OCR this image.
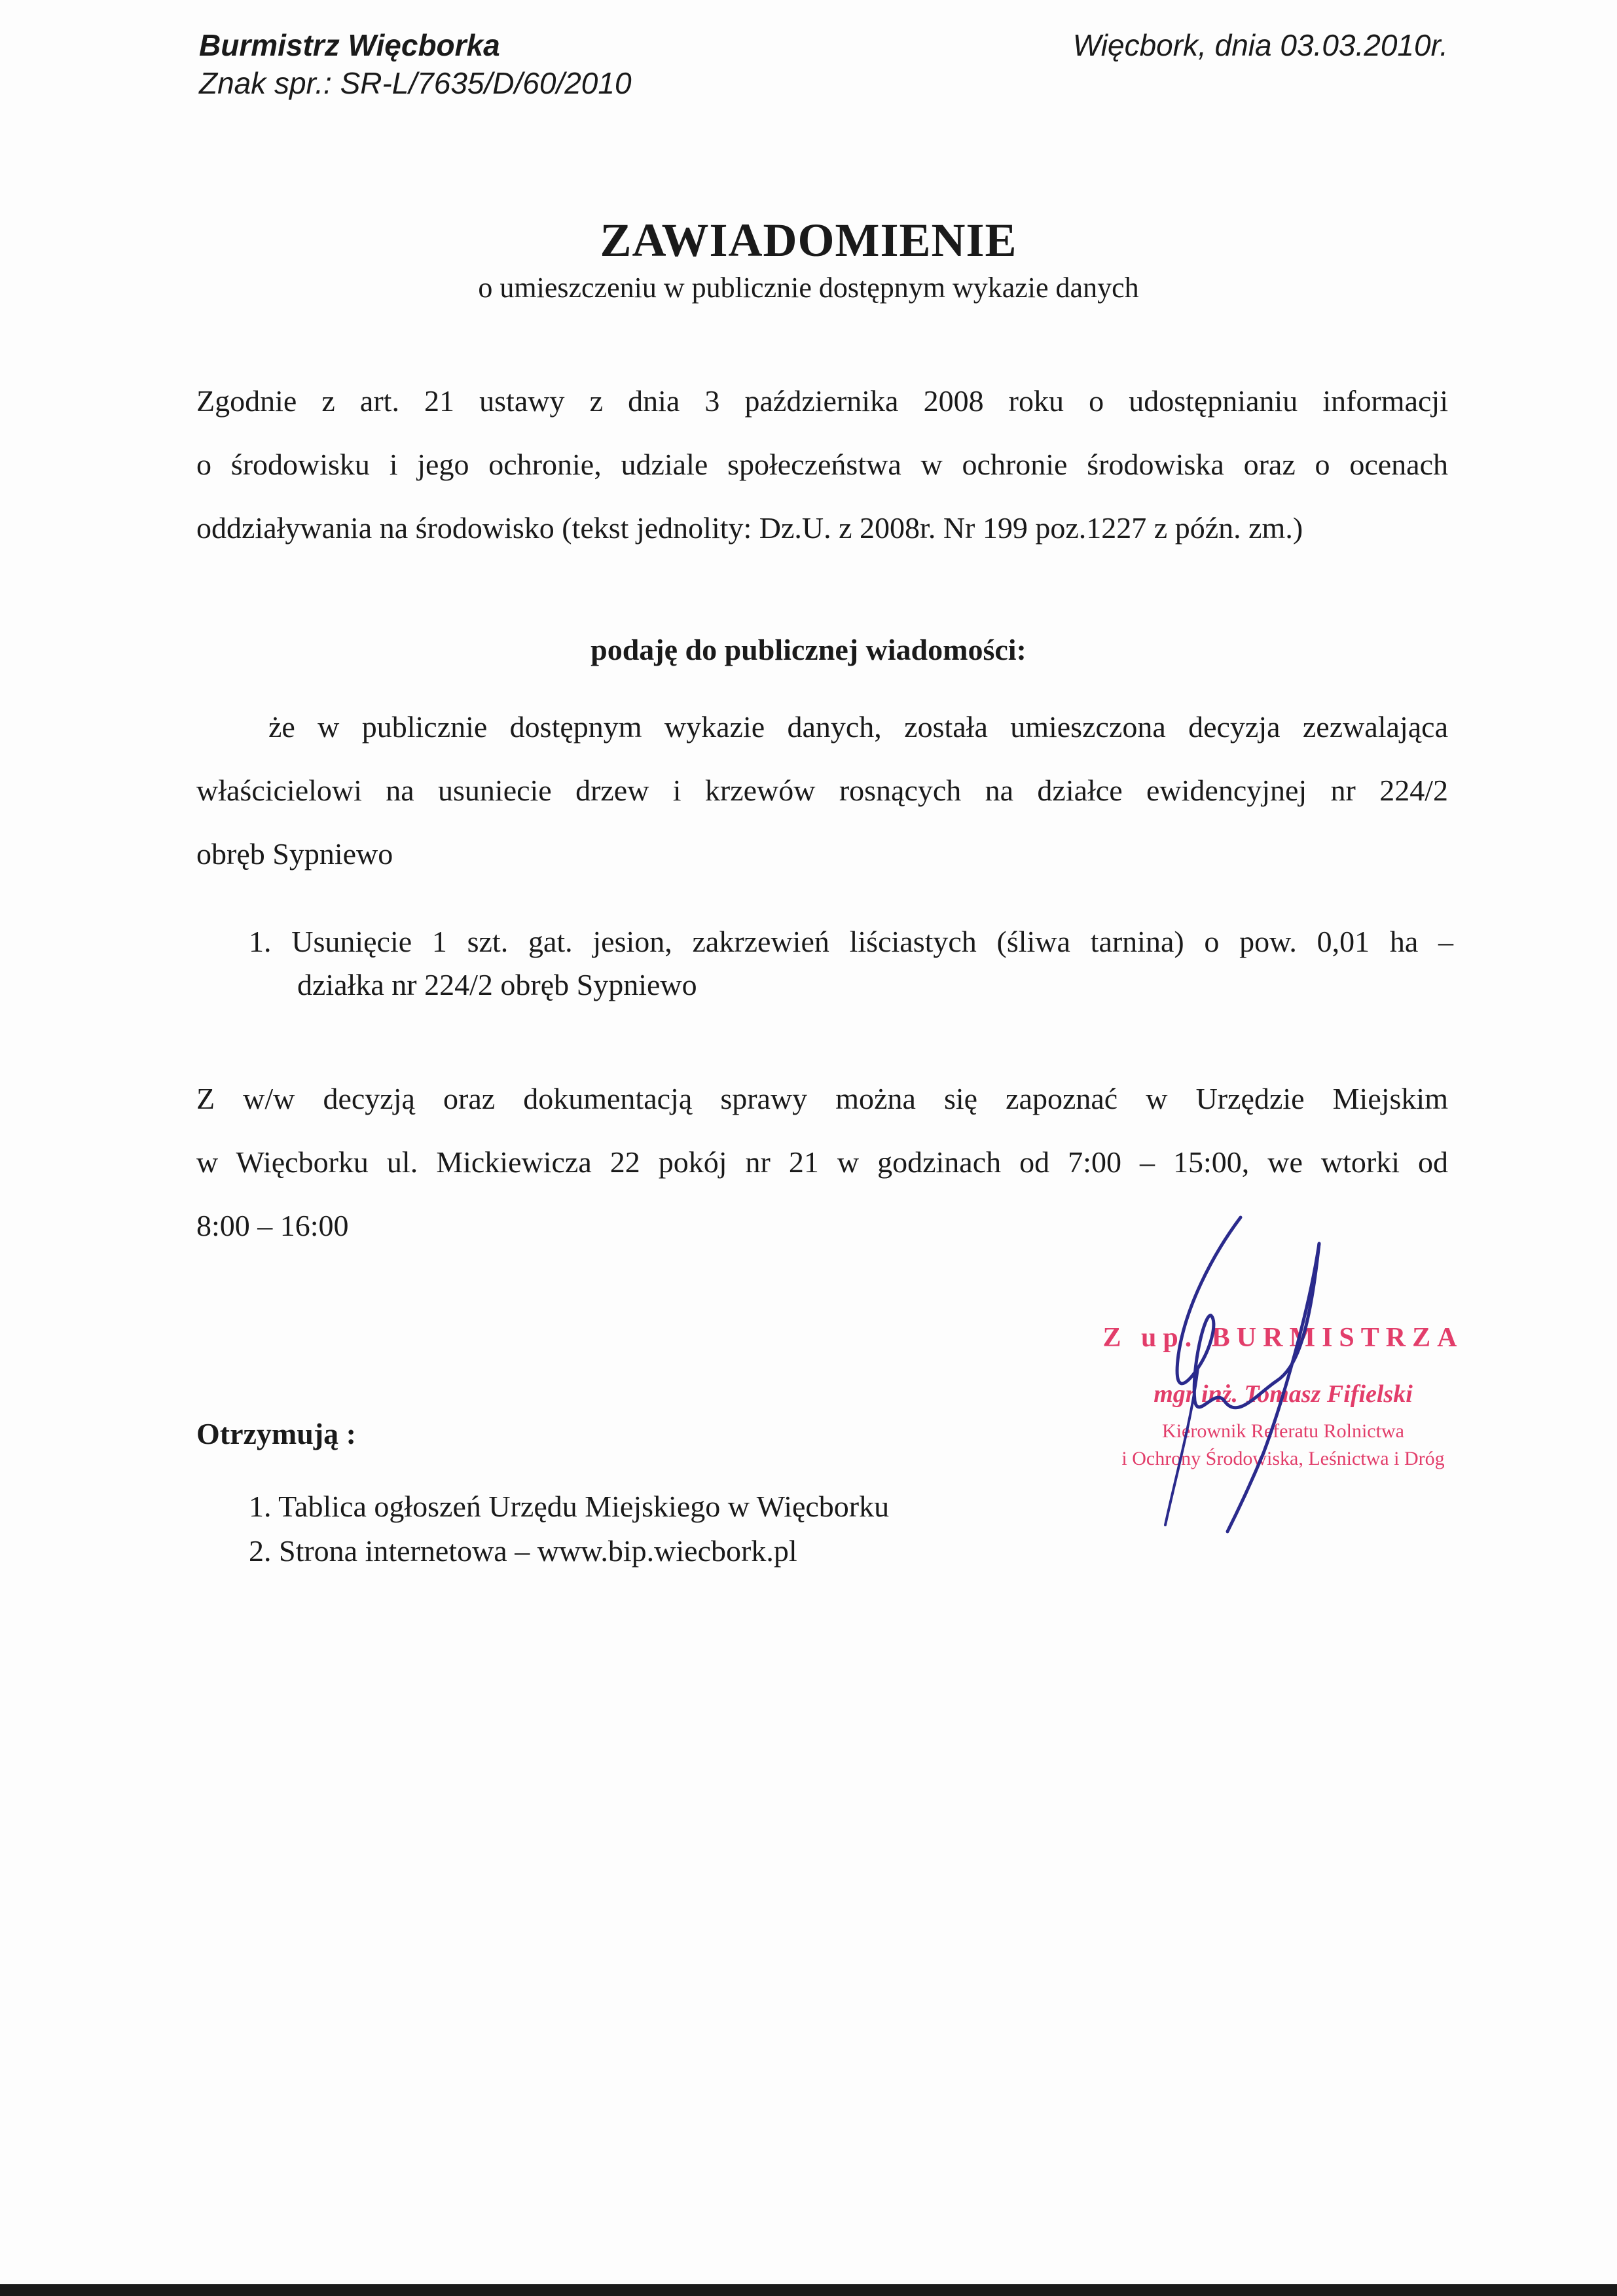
Burmistrz Więcborka
Znak spr.: SR-L/7635/D/60/2010
Więcbork, dnia 03.03.2010r.
ZAWIADOMIENIE
o umieszczeniu w publicznie dostępnym wykazie danych
Zgodnie z art. 21 ustawy z dnia 3 października 2008 roku o udostępnianiu informacji
o środowisku i jego ochronie, udziale społeczeństwa w ochronie środowiska oraz o ocenach
oddziaływania na środowisko (tekst jednolity: Dz.U. z 2008r. Nr 199 poz.1227 z późn. zm.)
podaję do publicznej wiadomości:
że w publicznie dostępnym wykazie danych, została umieszczona decyzja zezwalająca
właścicielowi na usuniecie drzew i krzewów rosnących na działce ewidencyjnej nr 224/2
obręb Sypniewo
1. Usunięcie 1 szt. gat. jesion, zakrzewień liściastych (śliwa tarnina) o pow. 0,01 ha –
działka nr 224/2 obręb Sypniewo
Z w/w decyzją oraz dokumentacją sprawy można się zapoznać w Urzędzie Miejskim
w Więcborku ul. Mickiewicza 22 pokój nr 21 w godzinach od 7:00 – 15:00, we wtorki od
8:00 – 16:00
Z up. BURMISTRZA
mgr inż. Tomasz Fifielski
Kierownik Referatu Rolnictwa
i Ochrony Środowiska, Leśnictwa i Dróg
Otrzymują :
1. Tablica ogłoszeń Urzędu Miejskiego w Więcborku
2. Strona internetowa – www.bip.wiecbork.pl
